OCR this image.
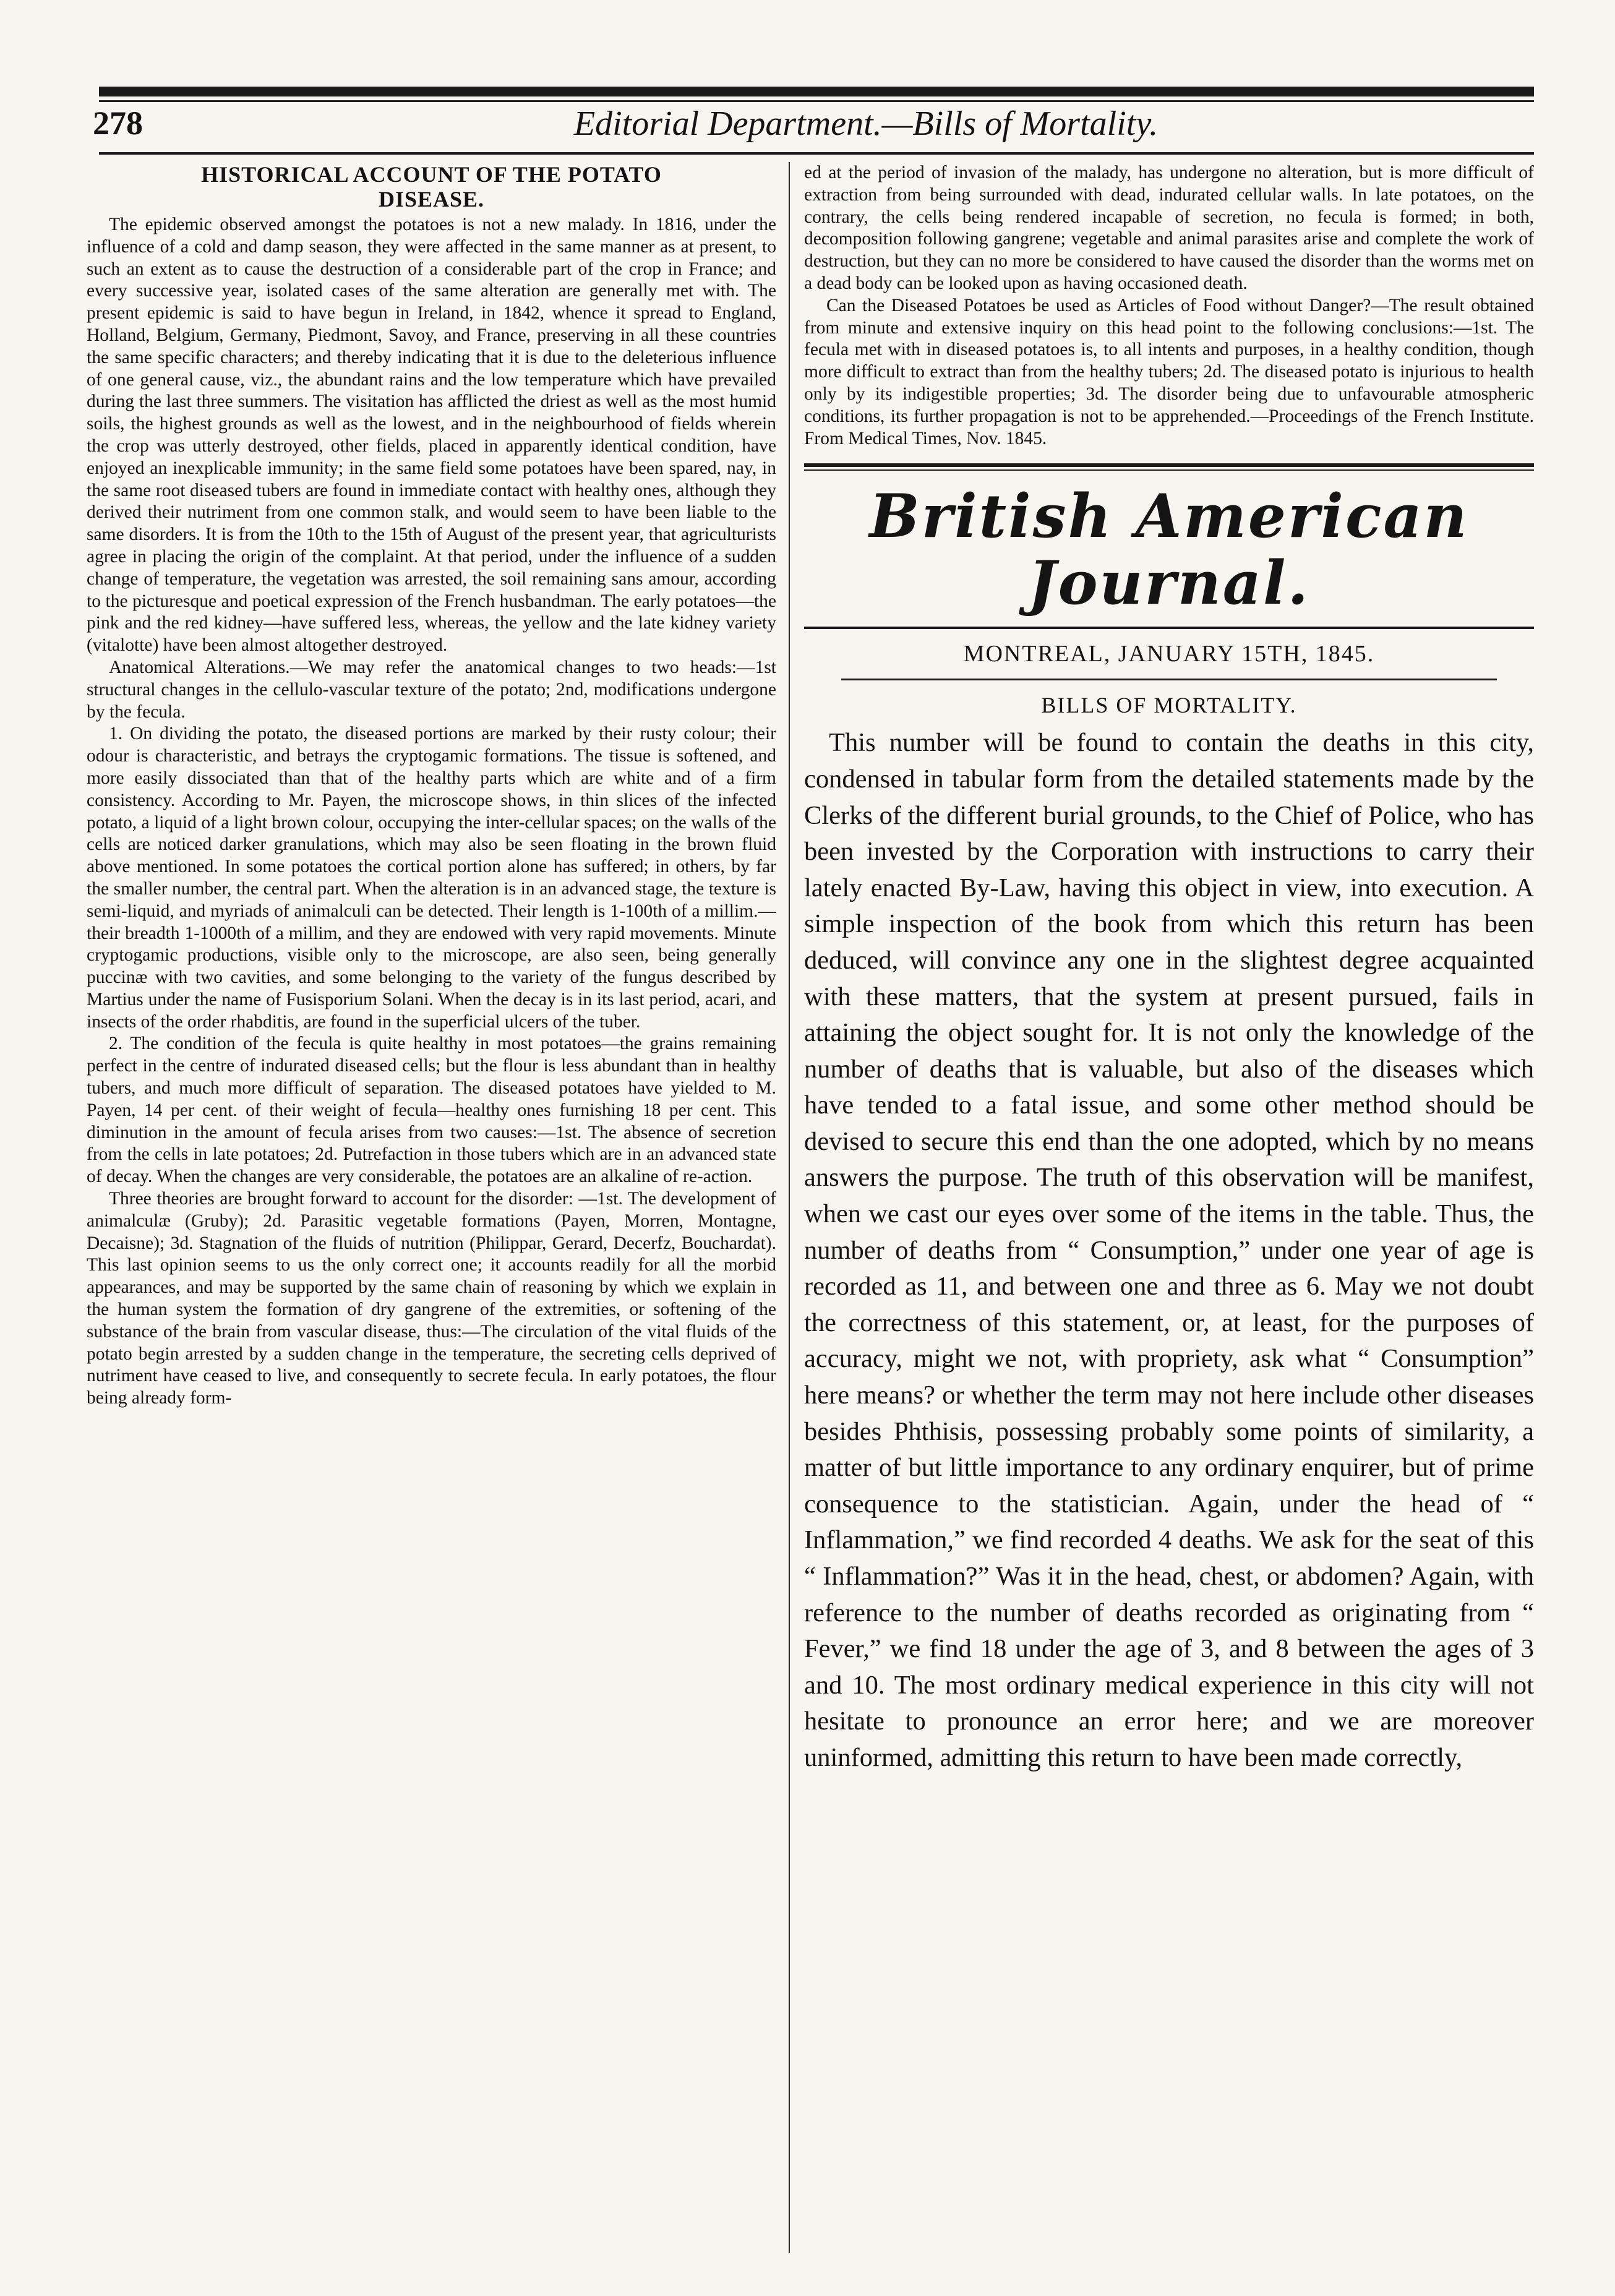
278	Editorial Department.—Bills of Mortality.
HISTORICAL ACCOUNT OF THE POTATO
DISEASE.

The epidemic observed amongst the potatoes is not a new malady. In 1816, under the influence of a cold and damp season, they were affected in the same manner as at present, to such an extent as to cause the destruction of a considerable part of the crop in France; and every successive year, isolated cases of the same alteration are generally met with. The present epidemic is said to have begun in Ireland, in 1842, whence it spread to England, Holland, Belgium, Germany, Piedmont, Savoy, and France, preserving in all these countries the same specific characters; and thereby indicating that it is due to the deleterious influence of one general cause, viz., the abundant rains and the low temperature which have prevailed during the last three summers. The visitation has afflicted the driest as well as the most humid soils, the highest grounds as well as the lowest, and in the neighbourhood of fields wherein the crop was utterly destroyed, other fields, placed in apparently identical condition, have enjoyed an inexplicable immunity; in the same field some potatoes have been spared, nay, in the same root diseased tubers are found in immediate contact with healthy ones, although they derived their nutriment from one common stalk, and would seem to have been liable to the same disorders. It is from the 10th to the 15th of August of the present year, that agriculturists agree in placing the origin of the complaint. At that period, under the influence of a sudden change of temperature, the vegetation was arrested, the soil remaining sans amour, according to the picturesque and poetical expression of the French husbandman. The early potatoes—the pink and the red kidney—have suffered less, whereas, the yellow and the late kidney variety (vitalotte) have been almost altogether destroyed.

Anatomical Alterations.—We may refer the anatomical changes to two heads:—1st structural changes in the cellulo-vascular texture of the potato; 2nd, modifications undergone by the fecula.

1. On dividing the potato, the diseased portions are marked by their rusty colour; their odour is characteristic, and betrays the cryptogamic formations. The tissue is softened, and more easily dissociated than that of the healthy parts which are white and of a firm consistency. According to Mr. Payen, the microscope shows, in thin slices of the infected potato, a liquid of a light brown colour, occupying the inter-cellular spaces; on the walls of the cells are noticed darker granulations, which may also be seen floating in the brown fluid above mentioned. In some potatoes the cortical portion alone has suffered; in others, by far the smaller number, the central part. When the alteration is in an advanced stage, the texture is semi-liquid, and myriads of animalculi can be detected. Their length is 1-100th of a millim.—their breadth 1-1000th of a millim, and they are endowed with very rapid movements. Minute cryptogamic productions, visible only to the microscope, are also seen, being generally puccinæ with two cavities, and some belonging to the variety of the fungus described by Martius under the name of Fusisporium Solani. When the decay is in its last period, acari, and insects of the order rhabditis, are found in the superficial ulcers of the tuber.

2. The condition of the fecula is quite healthy in most potatoes—the grains remaining perfect in the centre of indurated diseased cells; but the flour is less abundant than in healthy tubers, and much more difficult of separation. The diseased potatoes have yielded to M. Payen, 14 per cent. of their weight of fecula—healthy ones furnishing 18 per cent. This diminution in the amount of fecula arises from two causes:—1st. The absence of secretion from the cells in late potatoes; 2d. Putrefaction in those tubers which are in an advanced state of decay. When the changes are very considerable, the potatoes are an alkaline of re-action.

Three theories are brought forward to account for the disorder: —1st. The development of animalculæ (Gruby); 2d. Parasitic vegetable formations (Payen, Morren, Montagne, Decaisne); 3d. Stagnation of the fluids of nutrition (Philippar, Gerard, Decerfz, Bouchardat). This last opinion seems to us the only correct one; it accounts readily for all the morbid appearances, and may be supported by the same chain of reasoning by which we explain in the human system the formation of dry gangrene of the extremities, or softening of the substance of the brain from vascular disease, thus:—The circulation of the vital fluids of the potato begin arrested by a sudden change in the temperature, the secreting cells deprived of nutriment have ceased to live, and consequently to secrete fecula. In early potatoes, the flour being already form-

ed at the period of invasion of the malady, has undergone no alteration, but is more difficult of extraction from being surrounded with dead, indurated cellular walls. In late potatoes, on the contrary, the cells being rendered incapable of secretion, no fecula is formed; in both, decomposition following gangrene; vegetable and animal parasites arise and complete the work of destruction, but they can no more be considered to have caused the disorder than the worms met on a dead body can be looked upon as having occasioned death.

Can the Diseased Potatoes be used as Articles of Food without Danger?—The result obtained from minute and extensive inquiry on this head point to the following conclusions:—1st. The fecula met with in diseased potatoes is, to all intents and purposes, in a healthy condition, though more difficult to extract than from the healthy tubers; 2d. The diseased potato is injurious to health only by its indigestible properties; 3d. The disorder being due to unfavourable atmospheric conditions, its further propagation is not to be apprehended.—Proceedings of the French Institute. From Medical Times, Nov. 1845.

British American Journal.
MONTREAL, JANUARY 15TH, 1845.
BILLS OF MORTALITY.

This number will be found to contain the deaths in this city, condensed in tabular form from the detailed statements made by the Clerks of the different burial grounds, to the Chief of Police, who has been invested by the Corporation with instructions to carry their lately enacted By-Law, having this object in view, into execution. A simple inspection of the book from which this return has been deduced, will convince any one in the slightest degree acquainted with these matters, that the system at present pursued, fails in attaining the object sought for. It is not only the knowledge of the number of deaths that is valuable, but also of the diseases which have tended to a fatal issue, and some other method should be devised to secure this end than the one adopted, which by no means answers the purpose. The truth of this observation will be manifest, when we cast our eyes over some of the items in the table. Thus, the number of deaths from “ Consumption,” under one year of age is recorded as 11, and between one and three as 6. May we not doubt the correctness of this statement, or, at least, for the purposes of accuracy, might we not, with propriety, ask what “ Consumption” here means? or whether the term may not here include other diseases besides Phthisis, possessing probably some points of similarity, a matter of but little importance to any ordinary enquirer, but of prime consequence to the statistician. Again, under the head of “ Inflammation,” we find recorded 4 deaths. We ask for the seat of this “ Inflammation?” Was it in the head, chest, or abdomen? Again, with reference to the number of deaths recorded as originating from “ Fever,” we find 18 under the age of 3, and 8 between the ages of 3 and 10. The most ordinary medical experience in this city will not hesitate to pronounce an error here; and we are moreover uninformed, admitting this return to have been made correctly,
